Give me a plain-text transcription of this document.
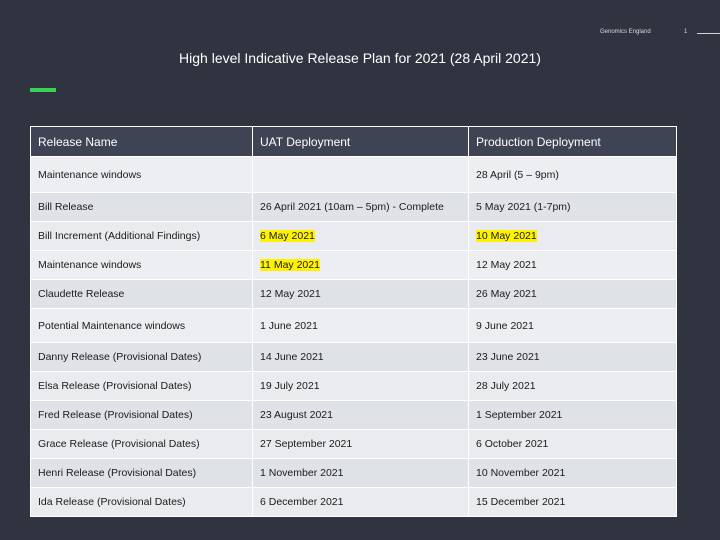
Genomics England	1
High level Indicative Release Plan for 2021 (28 April 2021)
Release Name	UAT Deployment	Production Deployment
Maintenance windows		28 April (5 – 9pm)
Bill Release	26 April 2021 (10am – 5pm) - Complete	5 May 2021 (1-7pm)
Bill Increment (Additional Findings)	6 May 2021	10 May 2021
Maintenance windows	11 May 2021	12 May 2021
Claudette Release	12 May 2021	26 May 2021
Potential Maintenance windows	1 June 2021	9 June 2021
Danny Release (Provisional Dates)	14 June 2021	23 June 2021
Elsa Release (Provisional Dates)	19 July 2021	28 July 2021
Fred Release (Provisional Dates)	23 August 2021	1 September 2021
Grace Release (Provisional Dates)	27 September 2021	6 October 2021
Henri Release (Provisional Dates)	1 November 2021	10 November 2021
Ida Release (Provisional Dates)	6 December 2021	15 December 2021
